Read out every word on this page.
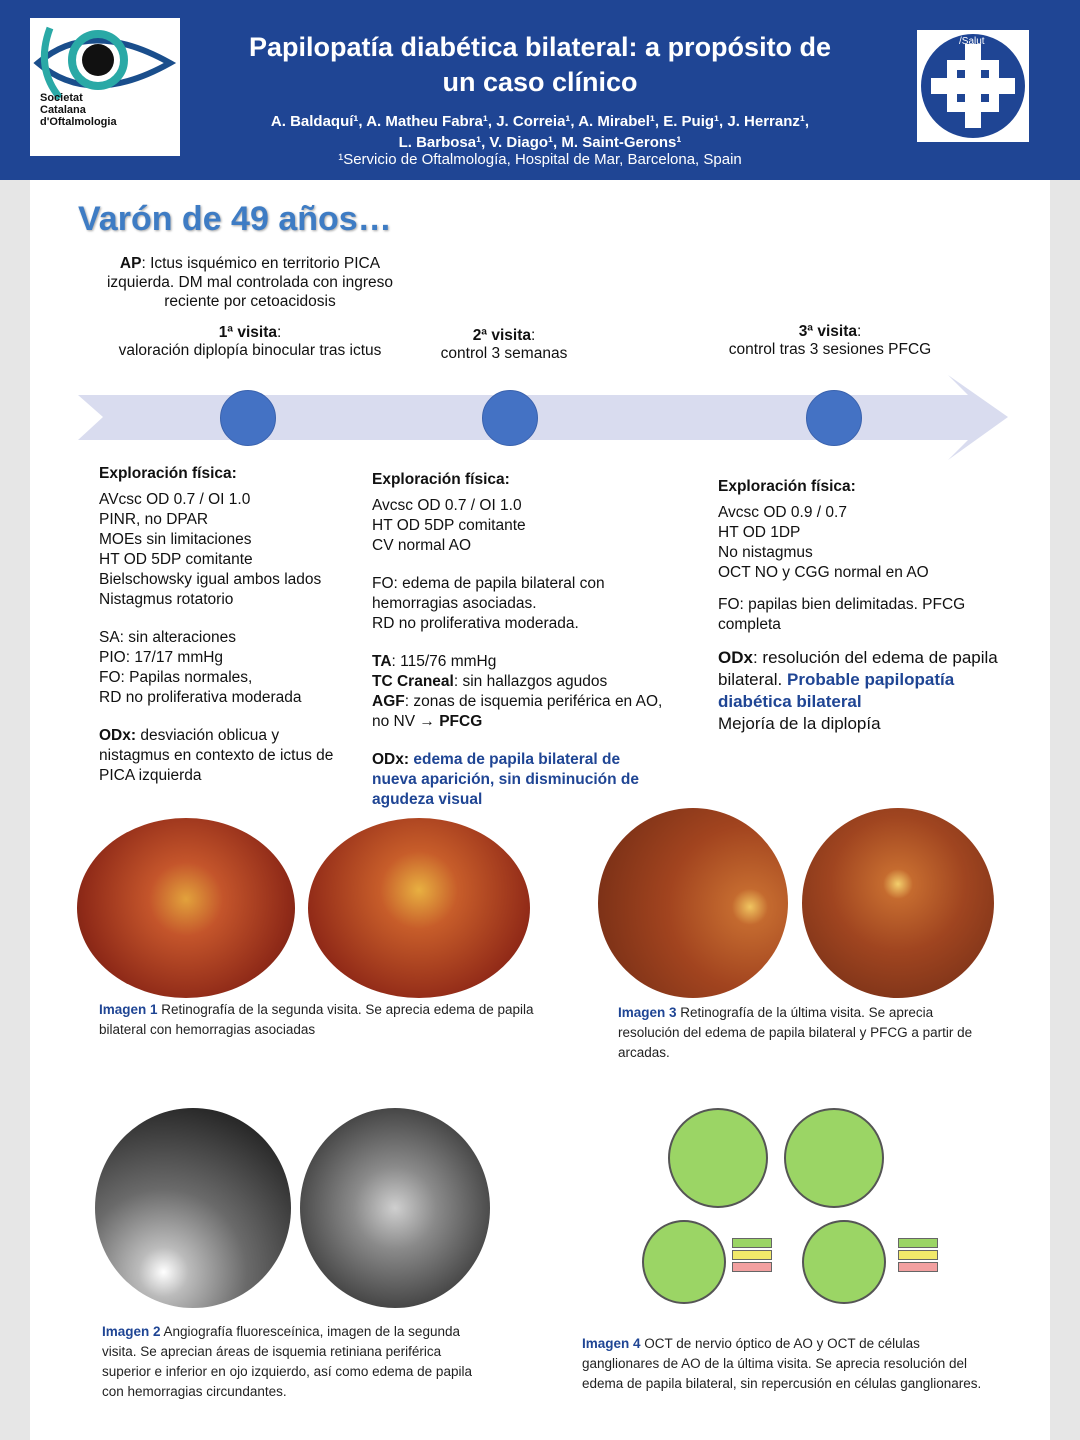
Societat
Catalana
d'Oftalmologia
Papilopatía diabética bilateral: a propósito de
un caso clínico
A. Baldaquí¹, A. Matheu Fabra¹, J. Correia¹, A. Mirabel¹, E. Puig¹, J. Herranz¹,
L. Barbosa¹, V. Diago¹, M. Saint-Gerons¹
¹Servicio de Oftalmología, Hospital de Mar, Barcelona, Spain
/Salut
Varón de 49 años…
AP: Ictus isquémico en territorio PICA izquierda. DM mal controlada con ingreso reciente por cetoacidosis
1ª visita:
valoración diplopía binocular tras ictus
2ª visita:
control 3 semanas
3ª visita:
control tras 3 sesiones PFCG
Exploración física:

AVcsc OD 0.7 / OI 1.0

PINR, no DPAR

MOEs sin limitaciones

HT OD 5DP comitante

Bielschowsky igual ambos lados

Nistagmus rotatorio

SA: sin alteraciones

PIO: 17/17 mmHg

FO: Papilas normales,

RD no proliferativa moderada

ODx: desviación oblicua y nistagmus en contexto de ictus de PICA izquierda

Exploración física:

Avcsc OD 0.7 / OI 1.0

HT OD 5DP comitante

CV normal AO

FO: edema de papila bilateral con hemorragias asociadas.

RD no proliferativa moderada.

TA: 115/76 mmHg

TC Craneal: sin hallazgos agudos

AGF: zonas de isquemia periférica en AO, no NV → PFCG

ODx: edema de papila bilateral de nueva aparición, sin disminución de agudeza visual

Exploración física:

Avcsc OD 0.9 / 0.7

HT OD 1DP

No nistagmus

OCT NO y CGG normal en AO

FO: papilas bien delimitadas. PFCG completa

ODx: resolución del edema de papila bilateral. Probable papilopatía diabética bilateral

Mejoría de la diplopía

Imagen 1 Retinografía de la segunda visita. Se aprecia edema de papila bilateral con hemorragias asociadas
Imagen 3 Retinografía de la última visita. Se aprecia resolución del edema de papila bilateral y PFCG a partir de arcadas.
Imagen 2 Angiografía fluoresceínica, imagen de la segunda visita. Se aprecian áreas de isquemia retiniana periférica superior e inferior en ojo izquierdo, así como edema de papila con hemorragias circundantes.
Imagen 4 OCT de nervio óptico de AO y OCT de células ganglionares de AO de la última visita. Se aprecia resolución del edema de papila bilateral, sin repercusión en células ganglionares.
